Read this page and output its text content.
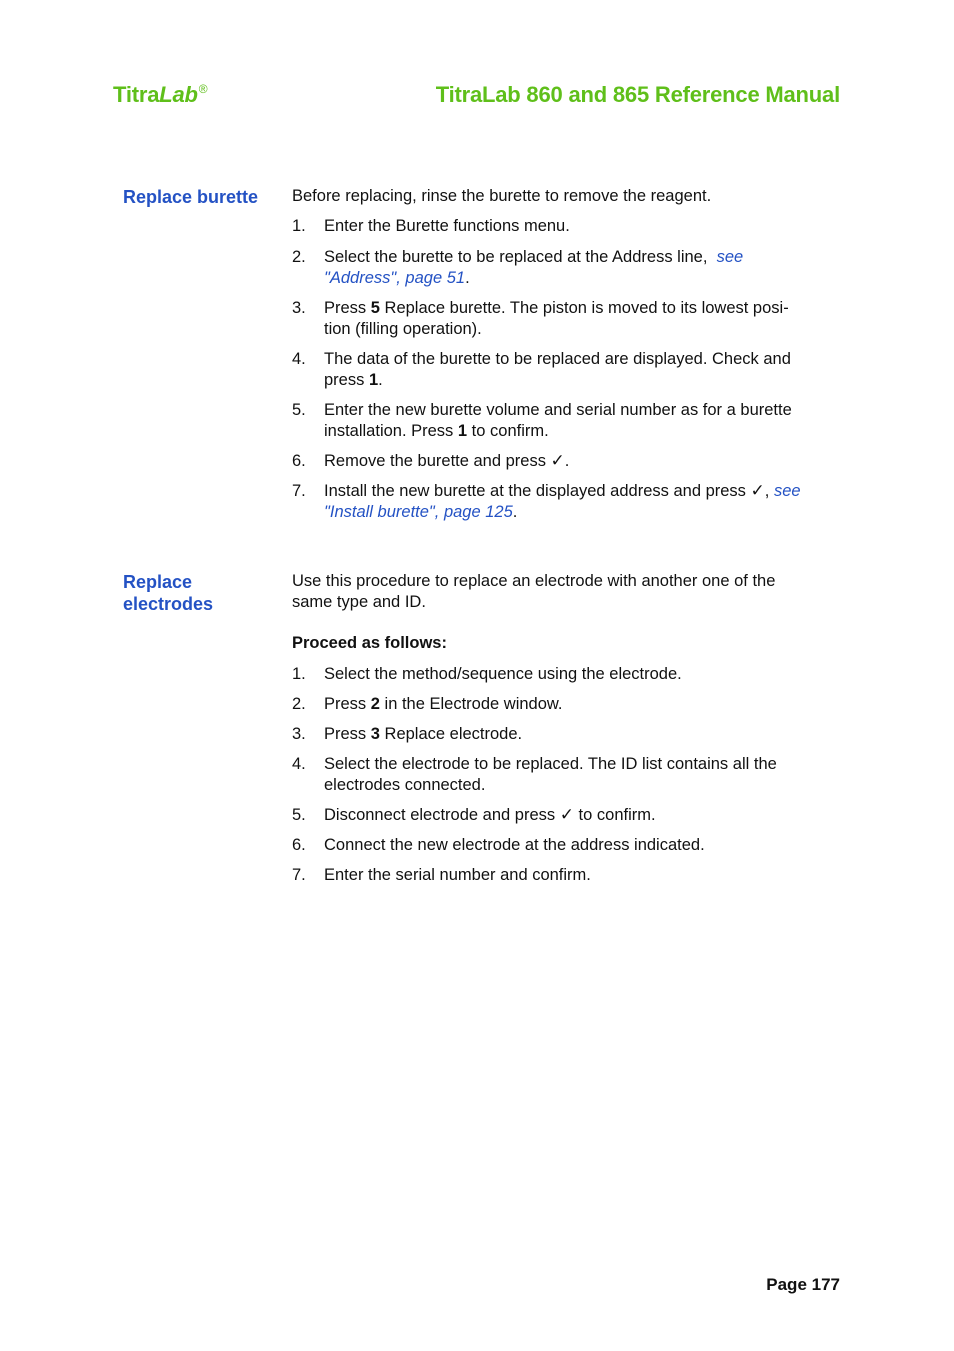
TitraLab®	TitraLab 860 and 865 Reference Manual
Replace burette	Before replacing, rinse the burette to remove the reagent.

1. Enter the Burette functions menu.
2. Select the burette to be replaced at the Address line, see
"Address", page 51.
3. Press 5 Replace burette. The piston is moved to its lowest posi-
tion (filling operation).
4. The data of the burette to be replaced are displayed. Check and
press 1.
5. Enter the new burette volume and serial number as for a burette
installation. Press 1 to confirm.
6. Remove the burette and press ✓.
7. Install the new burette at the displayed address and press ✓, see
"Install burette", page 125.
Replace
electrodes

Use this procedure to replace an electrode with another one of the
same type and ID.

Proceed as follows:

1. Select the method/sequence using the electrode.
2. Press 2 in the Electrode window.
3. Press 3 Replace electrode.
4. Select the electrode to be replaced. The ID list contains all the
electrodes connected.
5. Disconnect electrode and press ✓ to confirm.
6. Connect the new electrode at the address indicated.
7. Enter the serial number and confirm.
Page 177
